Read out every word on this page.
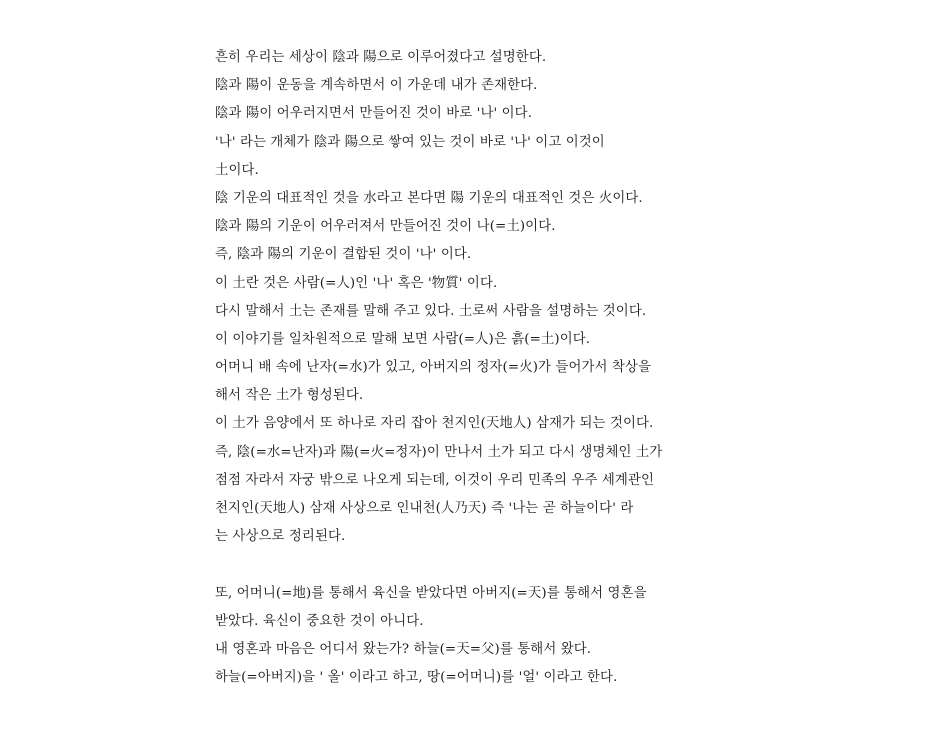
흔히 우리는 세상이 陰과 陽으로 이루어졌다고 설명한다.
陰과 陽이 운동을 계속하면서 이 가운데 내가 존재한다.
陰과 陽이 어우러지면서 만들어진 것이 바로 '나' 이다.
'나' 라는 개체가 陰과 陽으로 쌓여 있는 것이 바로 '나' 이고 이것이
土이다.
陰 기운의 대표적인 것을 水라고 본다면 陽 기운의 대표적인 것은 火이다.
陰과 陽의 기운이 어우러져서 만들어진 것이 나(=土)이다.
즉, 陰과 陽의 기운이 결합된 것이 '나' 이다.
이 土란 것은 사람(=人)인 '나' 혹은 '物質' 이다.
다시 말해서 土는 존재를 말해 주고 있다. 土로써 사람을 설명하는 것이다.
이 이야기를 일차원적으로 말해 보면 사람(=人)은 흙(=土)이다.
어머니 배 속에 난자(=水)가 있고, 아버지의 정자(=火)가 들어가서 착상을
해서 작은 土가 형성된다.
이 土가 음양에서 또 하나로 자리 잡아 천지인(天地人) 삼재가 되는 것이다.
즉, 陰(=水=난자)과 陽(=火=정자)이 만나서 土가 되고 다시 생명체인 土가
점점 자라서 자궁 밖으로 나오게 되는데, 이것이 우리 민족의 우주 세계관인
천지인(天地人) 삼재 사상으로 인내천(人乃天) 즉 '나는 곧 하늘이다' 라
는 사상으로 정리된다.
또, 어머니(=地)를 통해서 육신을 받았다면 아버지(=天)를 통해서 영혼을
받았다. 육신이 중요한 것이 아니다.
내 영혼과 마음은 어디서 왔는가? 하늘(=天=父)를 통해서 왔다.
하늘(=아버지)을 ' 올' 이라고 하고, 땅(=어머니)를 '얼' 이라고 한다.
